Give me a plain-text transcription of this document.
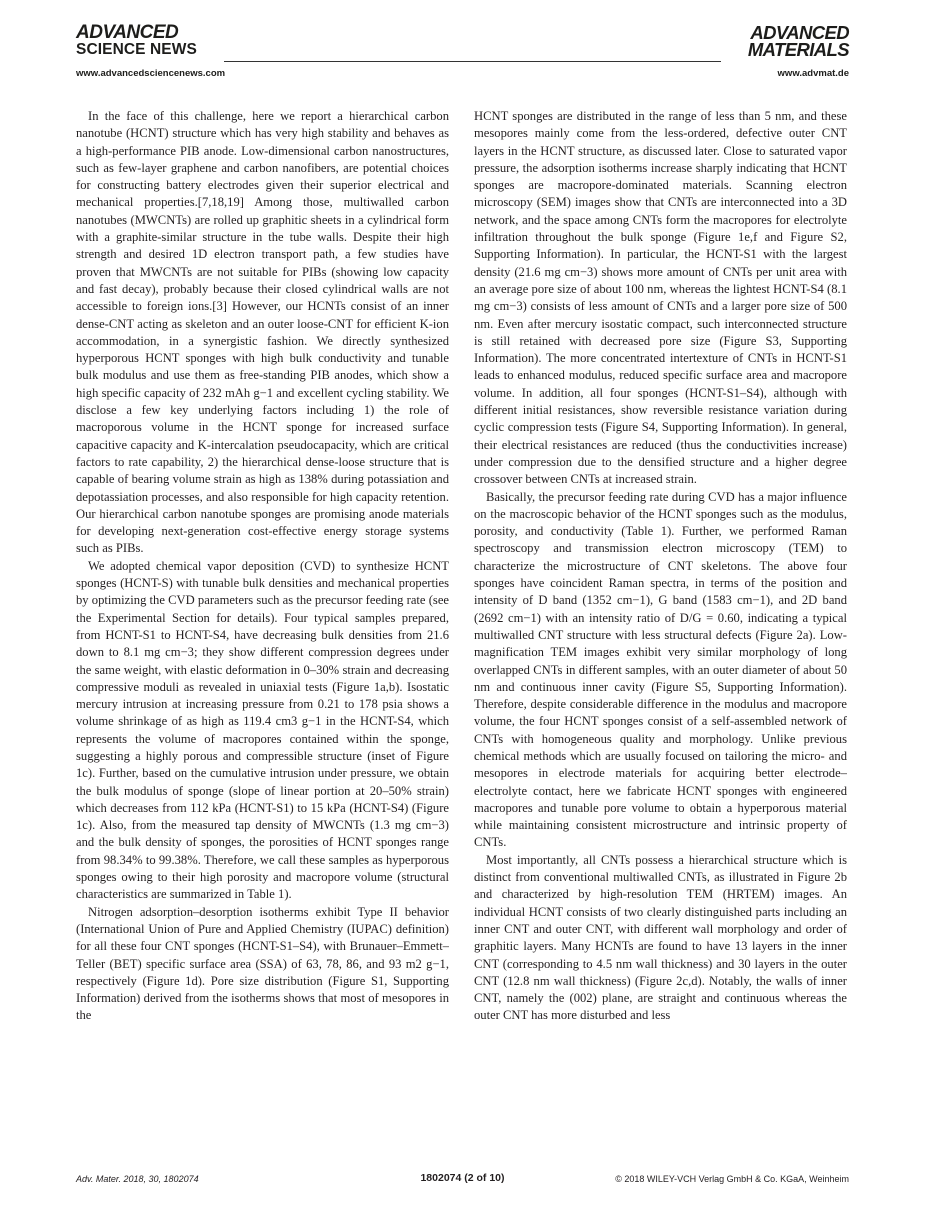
ADVANCED
SCIENCE NEWS
www.advancedsciencenews.com
ADVANCED
MATERIALS
www.advmat.de

In the face of this challenge, here we report a hierarchical carbon nanotube (HCNT) structure which has very high stability and behaves as a high-performance PIB anode. Low-dimensional carbon nanostructures, such as few-layer graphene and carbon nanofibers, are potential choices for constructing battery electrodes given their superior electrical and mechanical properties.[7,18,19] Among those, multiwalled carbon nanotubes (MWCNTs) are rolled up graphitic sheets in a cylindrical form with a graphite-similar structure in the tube walls. Despite their high strength and desired 1D electron transport path, a few studies have proven that MWCNTs are not suitable for PIBs (showing low capacity and fast decay), probably because their closed cylindrical walls are not accessible to foreign ions.[3] However, our HCNTs consist of an inner dense-CNT acting as skeleton and an outer loose-CNT for efficient K-ion accommodation, in a synergistic fashion. We directly synthesized hyperporous HCNT sponges with high bulk conductivity and tunable bulk modulus and use them as free-standing PIB anodes, which show a high specific capacity of 232 mAh g−1 and excellent cycling stability. We disclose a few key underlying factors including 1) the role of macroporous volume in the HCNT sponge for increased surface capacitive capacity and K-intercalation pseudocapacity, which are critical factors to rate capability, 2) the hierarchical dense-loose structure that is capable of bearing volume strain as high as 138% during potassiation and depotassiation processes, and also responsible for high capacity retention. Our hierarchical carbon nanotube sponges are promising anode materials for developing next-generation cost-effective energy storage systems such as PIBs.

We adopted chemical vapor deposition (CVD) to synthesize HCNT sponges (HCNT-S) with tunable bulk densities and mechanical properties by optimizing the CVD parameters such as the precursor feeding rate (see the Experimental Section for details). Four typical samples prepared, from HCNT-S1 to HCNT-S4, have decreasing bulk densities from 21.6 down to 8.1 mg cm−3; they show different compression degrees under the same weight, with elastic deformation in 0–30% strain and decreasing compressive moduli as revealed in uniaxial tests (Figure 1a,b). Isostatic mercury intrusion at increasing pressure from 0.21 to 178 psia shows a volume shrinkage of as high as 119.4 cm3 g−1 in the HCNT-S4, which represents the volume of macropores contained within the sponge, suggesting a highly porous and compressible structure (inset of Figure 1c). Further, based on the cumulative intrusion under pressure, we obtain the bulk modulus of sponge (slope of linear portion at 20–50% strain) which decreases from 112 kPa (HCNT-S1) to 15 kPa (HCNT-S4) (Figure 1c). Also, from the measured tap density of MWCNTs (1.3 mg cm−3) and the bulk density of sponges, the porosities of HCNT sponges range from 98.34% to 99.38%. Therefore, we call these samples as hyperporous sponges owing to their high porosity and macropore volume (structural characteristics are summarized in Table 1).

Nitrogen adsorption–desorption isotherms exhibit Type II behavior (International Union of Pure and Applied Chemistry (IUPAC) definition) for all these four CNT sponges (HCNT-S1–S4), with Brunauer–Emmett–Teller (BET) specific surface area (SSA) of 63, 78, 86, and 93 m2 g−1, respectively (Figure 1d). Pore size distribution (Figure S1, Supporting Information) derived from the isotherms shows that most of mesopores in the

HCNT sponges are distributed in the range of less than 5 nm, and these mesopores mainly come from the less-ordered, defective outer CNT layers in the HCNT structure, as discussed later. Close to saturated vapor pressure, the adsorption isotherms increase sharply indicating that HCNT sponges are macropore-dominated materials. Scanning electron microscopy (SEM) images show that CNTs are interconnected into a 3D network, and the space among CNTs form the macropores for electrolyte infiltration throughout the bulk sponge (Figure 1e,f and Figure S2, Supporting Information). In particular, the HCNT-S1 with the largest density (21.6 mg cm−3) shows more amount of CNTs per unit area with an average pore size of about 100 nm, whereas the lightest HCNT-S4 (8.1 mg cm−3) consists of less amount of CNTs and a larger pore size of 500 nm. Even after mercury isostatic compact, such interconnected structure is still retained with decreased pore size (Figure S3, Supporting Information). The more concentrated intertexture of CNTs in HCNT-S1 leads to enhanced modulus, reduced specific surface area and macropore volume. In addition, all four sponges (HCNT-S1–S4), although with different initial resistances, show reversible resistance variation during cyclic compression tests (Figure S4, Supporting Information). In general, their electrical resistances are reduced (thus the conductivities increase) under compression due to the densified structure and a higher degree crossover between CNTs at increased strain.

Basically, the precursor feeding rate during CVD has a major influence on the macroscopic behavior of the HCNT sponges such as the modulus, porosity, and conductivity (Table 1). Further, we performed Raman spectroscopy and transmission electron microscopy (TEM) to characterize the microstructure of CNT skeletons. The above four sponges have coincident Raman spectra, in terms of the position and intensity of D band (1352 cm−1), G band (1583 cm−1), and 2D band (2692 cm−1) with an intensity ratio of D/G = 0.60, indicating a typical multiwalled CNT structure with less structural defects (Figure 2a). Low-magnification TEM images exhibit very similar morphology of long overlapped CNTs in different samples, with an outer diameter of about 50 nm and continuous inner cavity (Figure S5, Supporting Information). Therefore, despite considerable difference in the modulus and macropore volume, the four HCNT sponges consist of a self-assembled network of CNTs with homogeneous quality and morphology. Unlike previous chemical methods which are usually focused on tailoring the micro- and mesopores in electrode materials for acquiring better electrode–electrolyte contact, here we fabricate HCNT sponges with engineered macropores and tunable pore volume to obtain a hyperporous material while maintaining consistent microstructure and intrinsic property of CNTs.

Most importantly, all CNTs possess a hierarchical structure which is distinct from conventional multiwalled CNTs, as illustrated in Figure 2b and characterized by high-resolution TEM (HRTEM) images. An individual HCNT consists of two clearly distinguished parts including an inner CNT and outer CNT, with different wall morphology and order of graphitic layers. Many HCNTs are found to have 13 layers in the inner CNT (corresponding to 4.5 nm wall thickness) and 30 layers in the outer CNT (12.8 nm wall thickness) (Figure 2c,d). Notably, the walls of inner CNT, namely the (002) plane, are straight and continuous whereas the outer CNT has more disturbed and less

Adv. Mater. 2018, 30, 1802074	1802074 (2 of 10)	© 2018 WILEY-VCH Verlag GmbH & Co. KGaA, Weinheim
